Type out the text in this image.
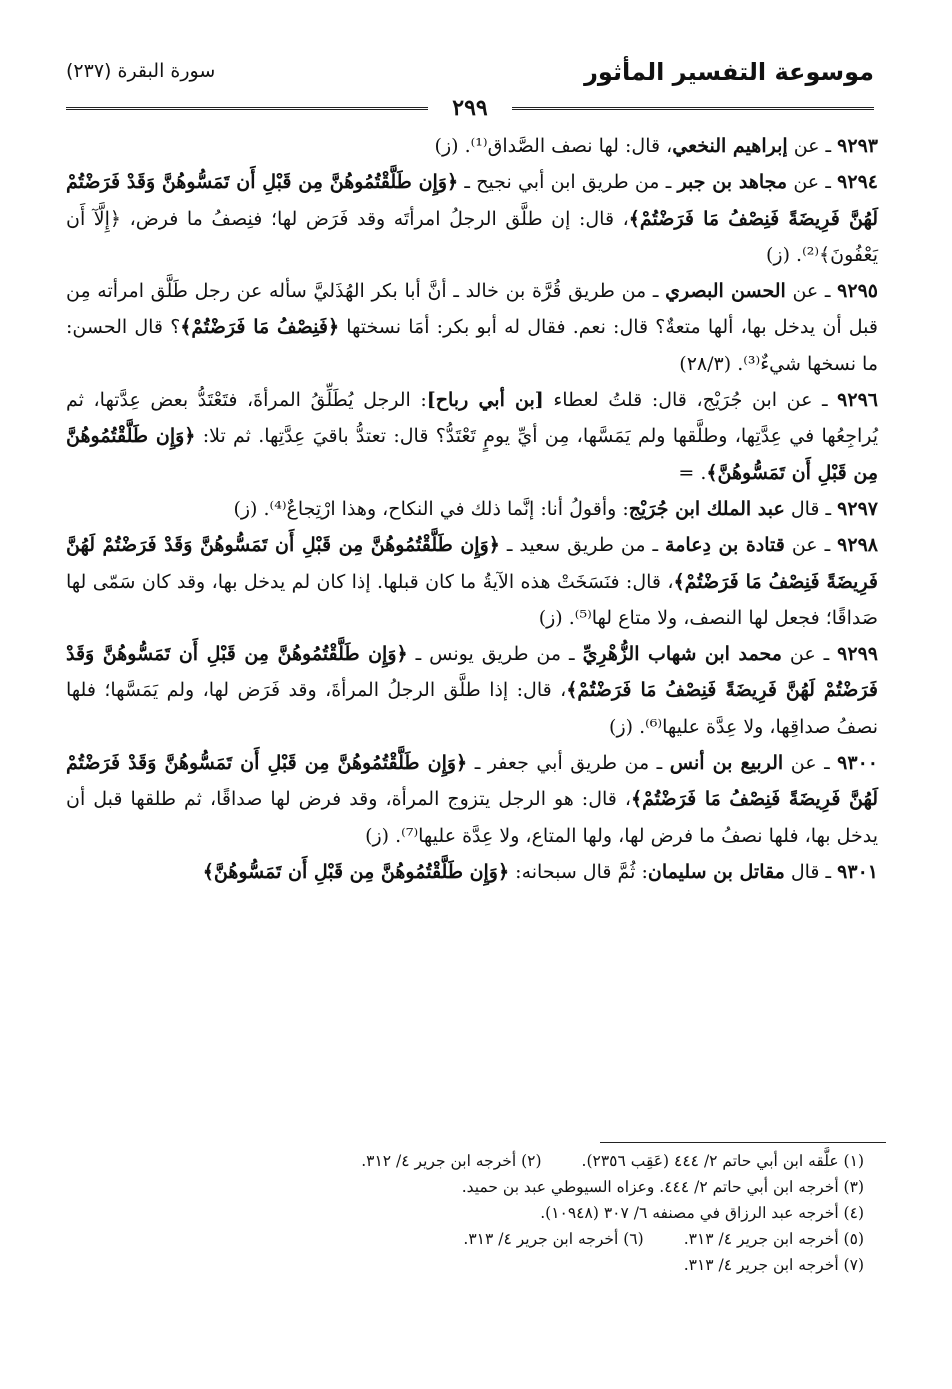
موسوعة التفسير المأثور
سورة البقرة (٢٣٧)
٢٩٩

٩٢٩٣ ـ عن إبراهيم النخعي، قال: لها نصف الصَّداق⁽¹⁾. (ز)

٩٢٩٤ ـ عن مجاهد بن جبر ـ من طريق ابن أبي نجيح ـ ﴿وَإِن طَلَّقْتُمُوهُنَّ مِن قَبْلِ أَن تَمَسُّوهُنَّ وَقَدْ فَرَضْتُمْ لَهُنَّ فَرِيضَةً فَنِصْفُ مَا فَرَضْتُمْ﴾، قال: إن طلَّق الرجلُ امرأتَه وقد فَرَض لها؛ فنِصفُ ما فرض، ﴿إِلَّآ أَن يَعْفُونَ﴾⁽²⁾. (ز)

٩٢٩٥ ـ عن الحسن البصري ـ من طريق قُرَّة بن خالد ـ أنَّ أبا بكر الهُذَليَّ سأله عن رجل طَلَّق امرأته مِن قبل أن يدخل بها، ألها متعةٌ؟ قال: نعم. فقال له أبو بكر: أمَا نسختها ﴿فَنِصْفُ مَا فَرَضْتُمْ﴾؟ قال الحسن: ما نسخها شيءٌ⁽³⁾. (٢٨/٣)

٩٢٩٦ ـ عن ابن جُرَيْج، قال: قلتُ لعطاء [بن أبي رباح]: الرجل يُطَلِّقُ المرأةَ، فتَعْتَدُّ بعض عِدَّتها، ثم يُراجِعُها في عِدَّتِها، وطلَّقها ولم يَمَسَّها، مِن أيِّ يومٍ تَعْتَدُّ؟ قال: تعتدُّ باقيَ عِدَّتِها. ثم تلا: ﴿وَإِن طَلَّقْتُمُوهُنَّ مِن قَبْلِ أَن تَمَسُّوهُنَّ﴾. =

٩٢٩٧ ـ قال عبد الملك ابن جُرَيْج: وأقولُ أنا: إنَّما ذلك في النكاح، وهذا ارْتِجاعٌ⁽⁴⁾. (ز)

٩٢٩٨ ـ عن قتادة بن دِعامة ـ من طريق سعيد ـ ﴿وَإِن طَلَّقْتُمُوهُنَّ مِن قَبْلِ أَن تَمَسُّوهُنَّ وَقَدْ فَرَضْتُمْ لَهُنَّ فَرِيضَةً فَنِصْفُ مَا فَرَضْتُمْ﴾، قال: فنَسَخَتْ هذه الآيةُ ما كان قبلها. إذا كان لم يدخل بها، وقد كان سَمّى لها صَداقًا؛ فجعل لها النصف، ولا متاع لها⁽⁵⁾. (ز)

٩٢٩٩ ـ عن محمد ابن شهاب الزُّهْرِيِّ ـ من طريق يونس ـ ﴿وَإِن طَلَّقْتُمُوهُنَّ مِن قَبْلِ أَن تَمَسُّوهُنَّ وَقَدْ فَرَضْتُمْ لَهُنَّ فَرِيضَةً فَنِصْفُ مَا فَرَضْتُمْ﴾، قال: إذا طلَّق الرجلُ المرأةَ، وقد فَرَض لها، ولم يَمَسَّها؛ فلها نصفُ صداقِها، ولا عِدَّة عليها⁽⁶⁾. (ز)

٩٣٠٠ ـ عن الربيع بن أنس ـ من طريق أبي جعفر ـ ﴿وَإِن طَلَّقْتُمُوهُنَّ مِن قَبْلِ أَن تَمَسُّوهُنَّ وَقَدْ فَرَضْتُمْ لَهُنَّ فَرِيضَةً فَنِصْفُ مَا فَرَضْتُمْ﴾، قال: هو الرجل يتزوج المرأة، وقد فرض لها صداقًا، ثم طلقها قبل أن يدخل بها، فلها نصفُ ما فرض لها، ولها المتاع، ولا عِدَّة عليها⁽⁷⁾. (ز)

٩٣٠١ ـ قال مقاتل بن سليمان: ثُمَّ قال سبحانه: ﴿وَإِن طَلَّقْتُمُوهُنَّ مِن قَبْلِ أَن تَمَسُّوهُنَّ﴾

(١) علَّقه ابن أبي حاتم ٢/ ٤٤٤ (عَقِب ٢٣٥٦).
(٢) أخرجه ابن جرير ٤/ ٣١٢.
(٣) أخرجه ابن أبي حاتم ٢/ ٤٤٤. وعزاه السيوطي عبد بن حميد.
(٤) أخرجه عبد الرزاق في مصنفه ٦/ ٣٠٧ (١٠٩٤٨).
(٥) أخرجه ابن جرير ٤/ ٣١٣.
(٦) أخرجه ابن جرير ٤/ ٣١٣.
(٧) أخرجه ابن جرير ٤/ ٣١٣.
